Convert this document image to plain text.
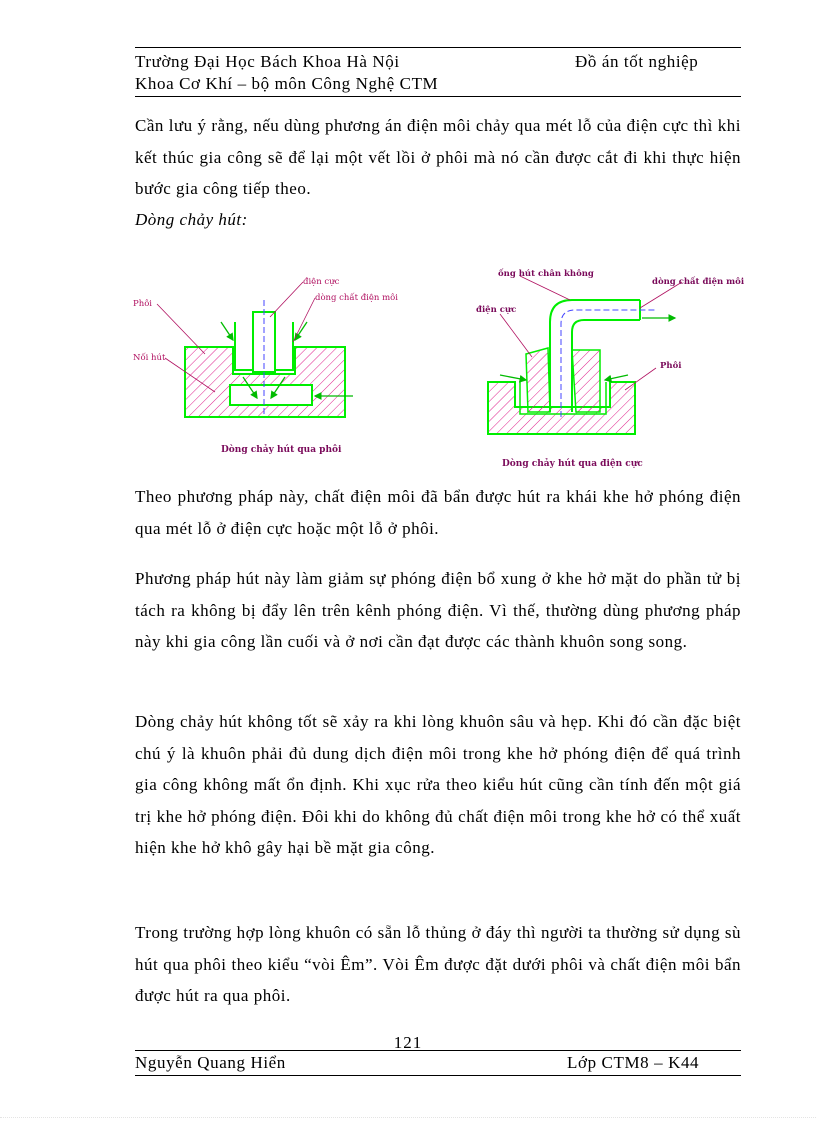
Trường Đại Học Bách Khoa Hà Nội	Đồ án tốt nghiệp
Khoa Cơ Khí – bộ môn Công Nghệ CTM

Cần lưu ý rằng, nếu dùng phương án điện môi chảy qua mét lỗ của điện cực thì khi kết thúc gia công sẽ để lại một vết lồi ở phôi mà nó cần được cắt đi khi thực hiện bước gia công tiếp theo.

Dòng chảy hút:

điện cực
dòng chất điện môi
Phôi
Nối hút
Dòng chảy hút qua phôi
ống hút chân không
dòng chất điện môi
điện cực
Phôi
Dòng chảy hút qua điện cực

Theo phương pháp này, chất điện môi đã bẩn được hút ra khái khe hở phóng điện qua mét lỗ ở điện cực hoặc một lỗ ở phôi.

Phương pháp hút này làm giảm sự phóng điện bổ xung ở khe hở mặt do phần tử bị tách ra không bị đẩy lên trên kênh phóng điện. Vì thế, thường dùng phương pháp này khi gia công lần cuối và ở nơi cần đạt được các thành khuôn song song.

Dòng chảy hút không tốt sẽ xảy ra khi lòng khuôn sâu và hẹp. Khi đó cần đặc biệt chú ý là khuôn phải đủ dung dịch điện môi trong khe hở phóng điện để quá trình gia công không mất ổn định. Khi xục rửa theo kiểu hút cũng cần tính đến một giá trị khe hở phóng điện. Đôi khi do không đủ chất điện môi trong khe hở có thể xuất hiện khe hở khô gây hại bề mặt gia công.

Trong trường hợp lòng khuôn có sẵn lỗ thủng ở đáy thì người ta thường sử dụng sù hút qua phôi theo kiểu “vòi Êm”. Vòi Êm được đặt dưới phôi và chất điện môi bẩn được hút ra qua phôi.

121
Nguyễn Quang Hiển	Lớp CTM8 – K44
